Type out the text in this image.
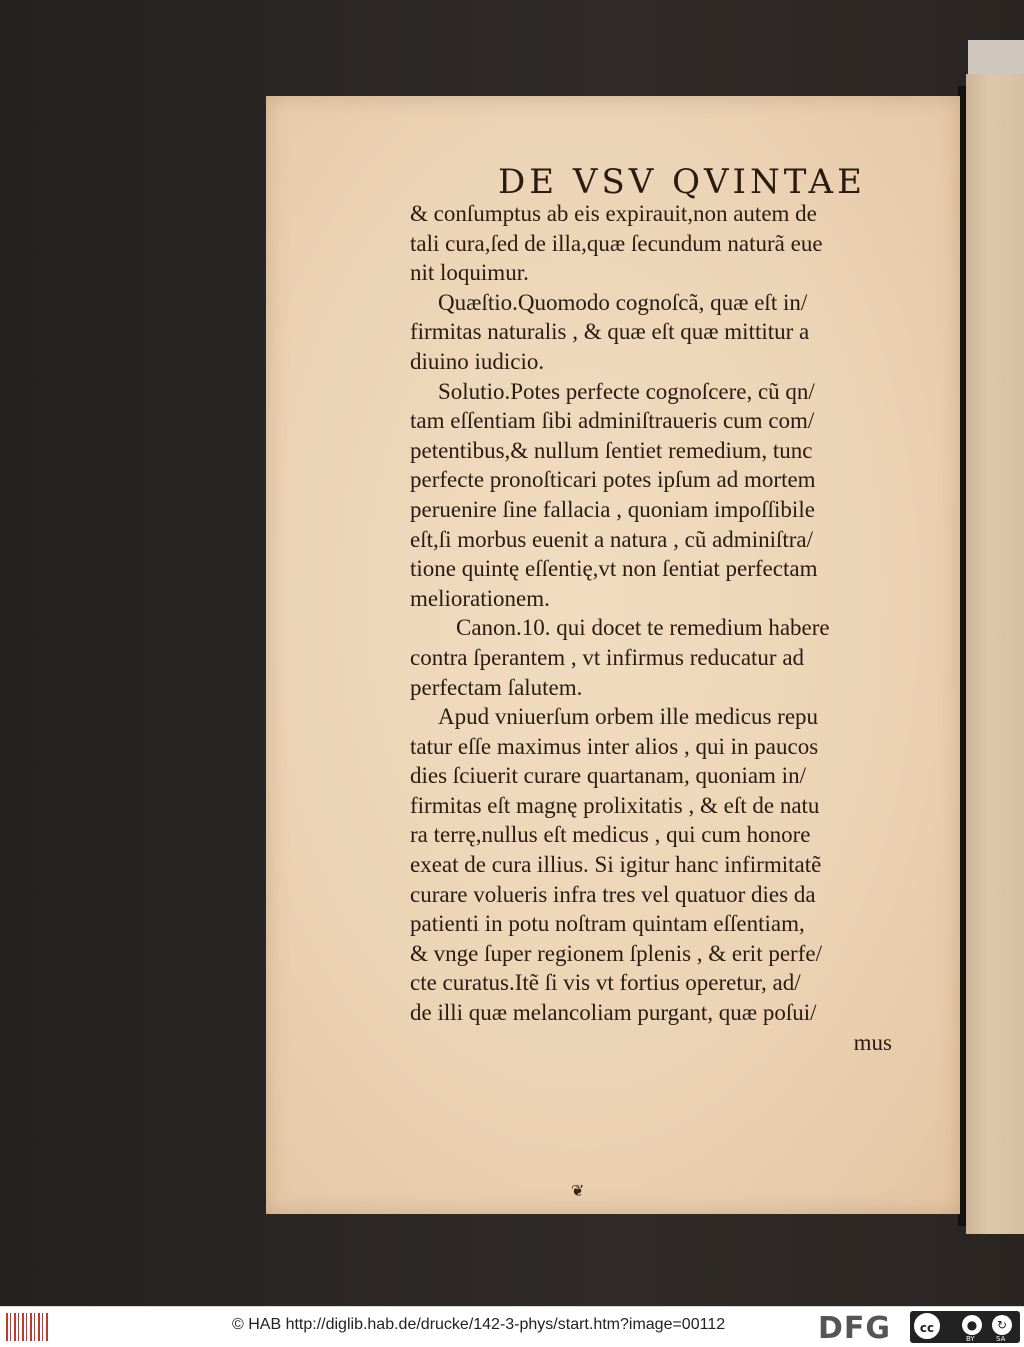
DE VSV QVINTAE
& conſumptus ab eis expirauit,non autem de
tali cura,ſed de illa,quæ ſecundum naturã eue
nit loquimur.
Quæſtio.Quomodo cognoſcã, quæ eſt in/
firmitas naturalis , & quæ eſt quæ mittitur a
diuino iudicio.
Solutio.Potes perfecte cognoſcere, cũ qn/
tam eſſentiam ſibi adminiſtraueris cum com/
petentibus,& nullum ſentiet remedium, tunc
perfecte pronoſticari potes ipſum ad mortem
peruenire ſine fallacia , quoniam impoſſibile
eſt,ſi morbus euenit a natura , cũ adminiſtra/
tione quintę eſſentię,vt non ſentiat perfectam
meliorationem.
Canon.10. qui docet te remedium habere
contra ſperantem , vt infirmus reducatur ad
perfectam ſalutem.
Apud vniuerſum orbem ille medicus repu
tatur eſſe maximus inter alios , qui in paucos
dies ſciuerit curare quartanam, quoniam in/
firmitas eſt magnę prolixitatis , & eſt de natu
ra terrę,nullus eſt medicus , qui cum honore
exeat de cura illius. Si igitur hanc infirmitatẽ
curare volueris infra tres vel quatuor dies da
patienti in potu noſtram quintam eſſentiam,
& vnge ſuper regionem ſplenis , & erit perfe/
cte curatus.Itẽ ſi vis vt fortius operetur, ad/
de illi quæ melancoliam purgant, quæ poſui/
mus
❦
© HAB http://diglib.hab.de/drucke/142-3-phys/start.htm?image=00112	DFG	cc	●
BY
↻
SA
